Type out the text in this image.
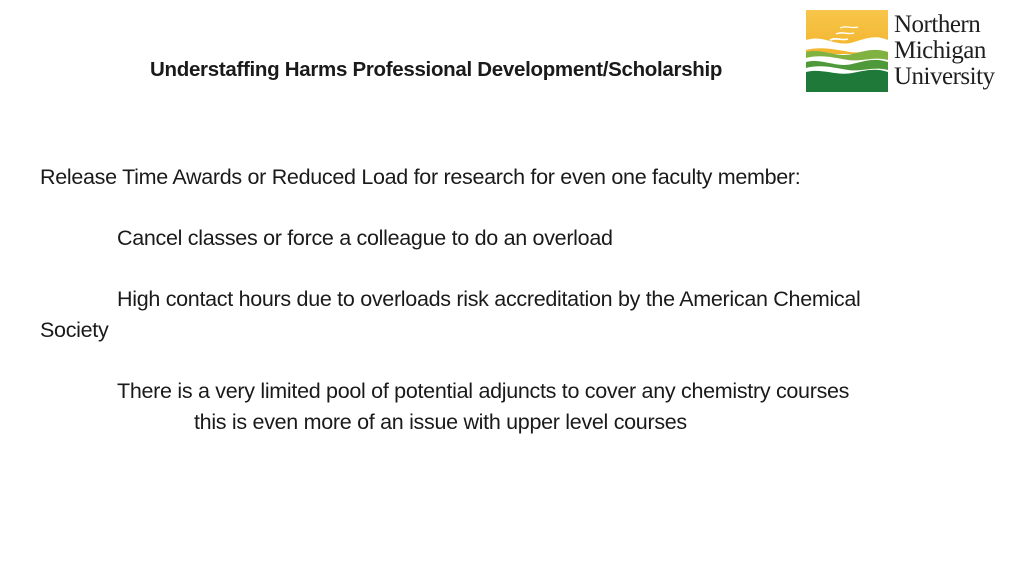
Understaffing Harms Professional Development/Scholarship
Northern
Michigan
University
Release Time Awards or Reduced Load for research for even one faculty member:
Cancel classes or force a colleague to do an overload
High contact hours due to overloads risk accreditation by the American Chemical
Society
There is a very limited pool of potential adjuncts to cover any chemistry courses
this is even more of an issue with upper level courses
